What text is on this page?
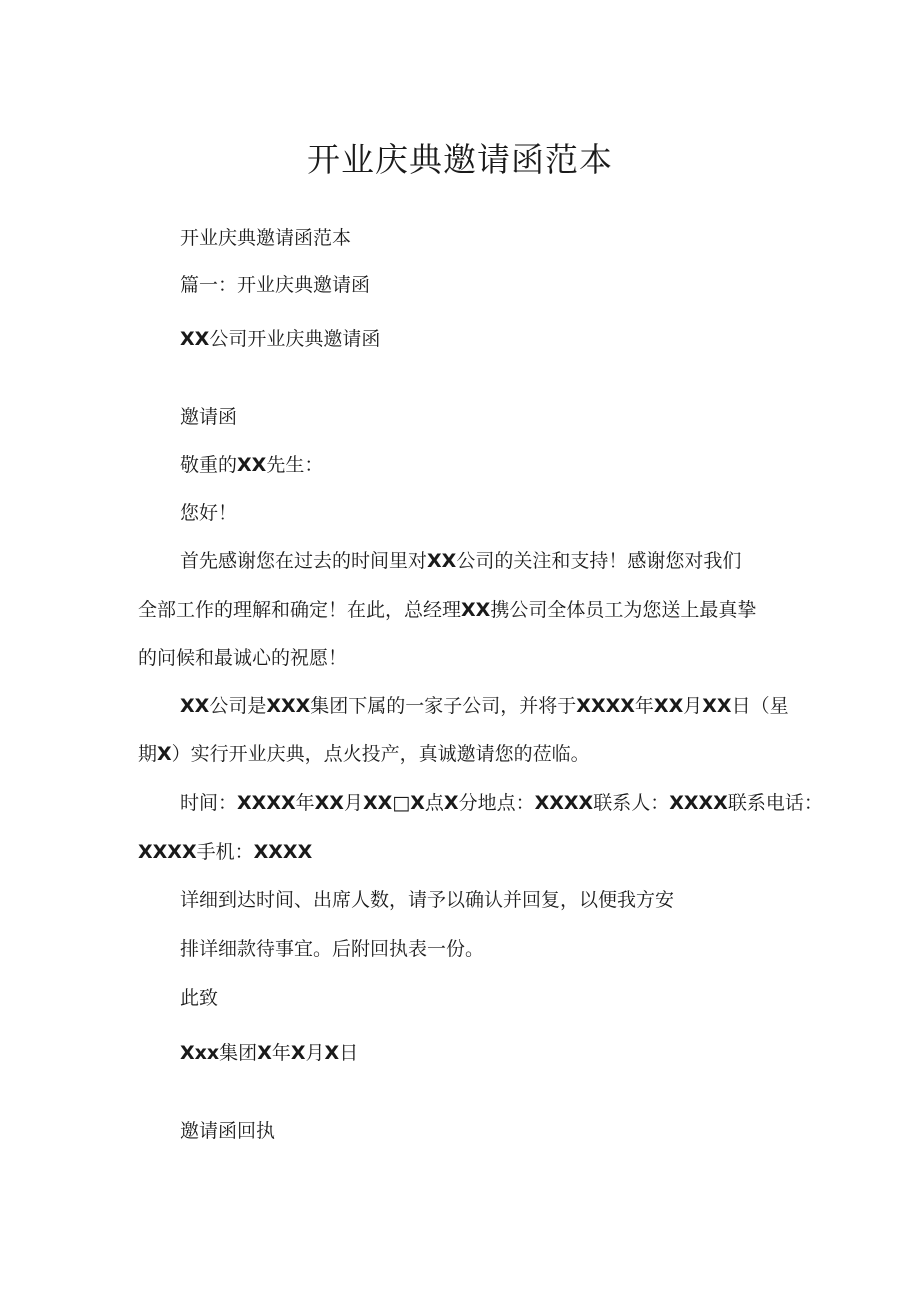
开业庆典邀请函范本
开业庆典邀请函范本
篇一：开业庆典邀请函
XX公司开业庆典邀请函
邀请函
敬重的XX先生：
您好！
首先感谢您在过去的时间里对XX公司的关注和支持！感谢您对我们
全部工作的理解和确定！在此，总经理XX携公司全体员工为您送上最真挚
的问候和最诚心的祝愿！
XX公司是XXX集团下属的一家子公司，并将于XXXX年XX月XX日（星
期X）实行开业庆典，点火投产，真诚邀请您的莅临。
时间：XXXX年XX月XX□X点X分地点：XXXX联系人：XXXX联系电话：
XXXX手机：XXXX
详细到达时间、出席人数，请予以确认并回复，以便我方安
排详细款待事宜。后附回执表一份。
此致
Xxx集团X年X月X日
邀请函回执
